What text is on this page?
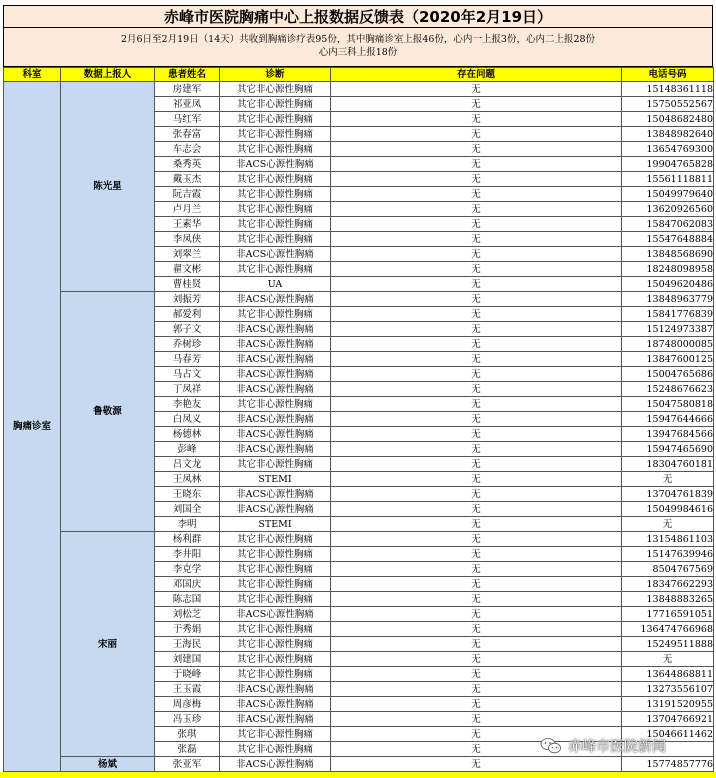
赤峰市医院胸痛中心上报数据反馈表（2020年2月19日）
2月6日至2月19日（14天）共收到胸痛诊疗表95份，其中胸痛诊室上报46份，心内一上报3份，心内二上报28份
心内三科上报18份
科室	数据上报人	患者姓名	诊断	存在问题	电话号码
胸痛诊室	陈光星	房建军	其它非心源性胸痛	无	15148361118
		祁亚凤	其它非心源性胸痛	无	15750552567
		马红军	其它非心源性胸痛	无	15048682480
		张春富	其它非心源性胸痛	无	13848982640
		车志会	其它非心源性胸痛	无	13654769300
		桑秀英	非ACS心源性胸痛	无	19904765828
		戴玉杰	其它非心源性胸痛	无	15561118811
		阮吉霞	其它非心源性胸痛	无	15049979640
		卢月兰	其它非心源性胸痛	无	13620926560
		王素华	其它非心源性胸痛	无	15847062083
		李凤侠	其它非心源性胸痛	无	15547648884
		刘翠兰	非ACS心源性胸痛	无	13848568690
		翟文彬	其它非心源性胸痛	无	18248098958
		曹桂贤	UA	无	15049620486
	鲁敬源	刘振芳	非ACS心源性胸痛	无	13848963779
		郝爱利	其它非心源性胸痛	无	15841776839
		郭子文	非ACS心源性胸痛	无	15124973387
		乔树珍	非ACS心源性胸痛	无	18748000085
		马春芳	非ACS心源性胸痛	无	13847600125
		马占文	非ACS心源性胸痛	无	15004765686
		丁凤祥	非ACS心源性胸痛	无	15248676623
		李艳友	其它非心源性胸痛	无	15047580818
		白凤义	非ACS心源性胸痛	无	15947644666
		杨德林	非ACS心源性胸痛	无	13947684566
		彭峰	非ACS心源性胸痛	无	15947465690
		吕文龙	其它非心源性胸痛	无	18304760181
		王凤林	STEMI	无	无
		王晓东	非ACS心源性胸痛	无	13704761839
		刘国全	非ACS心源性胸痛	无	15049984616
		李明	STEMI	无	无
	宋丽	杨利群	其它非心源性胸痛	无	13154861103
		李井阳	其它非心源性胸痛	无	15147639946
		李克学	其它非心源性胸痛	无	8504767569
		邓国庆	其它非心源性胸痛	无	18347662293
		陈志国	其它非心源性胸痛	无	13848883265
		刘松芝	非ACS心源性胸痛	无	17716591051
		于秀娟	其它非心源性胸痛	无	136474766968
		王海民	其它非心源性胸痛	无	15249511888
		刘建国	其它非心源性胸痛	无	无
		于晓峰	其它非心源性胸痛	无	13644868811
		王玉霞	非ACS心源性胸痛	无	13273556107
		周彦梅	非ACS心源性胸痛	无	13191520955
		冯玉珍	非ACS心源性胸痛	无	13704766921
		张琪	其它非心源性胸痛	无	15046611462
		张磊	其它非心源性胸痛	无	
	杨斌	张亚军	非ACS心源性胸痛	无	15774857776
赤峰市医院新闻
